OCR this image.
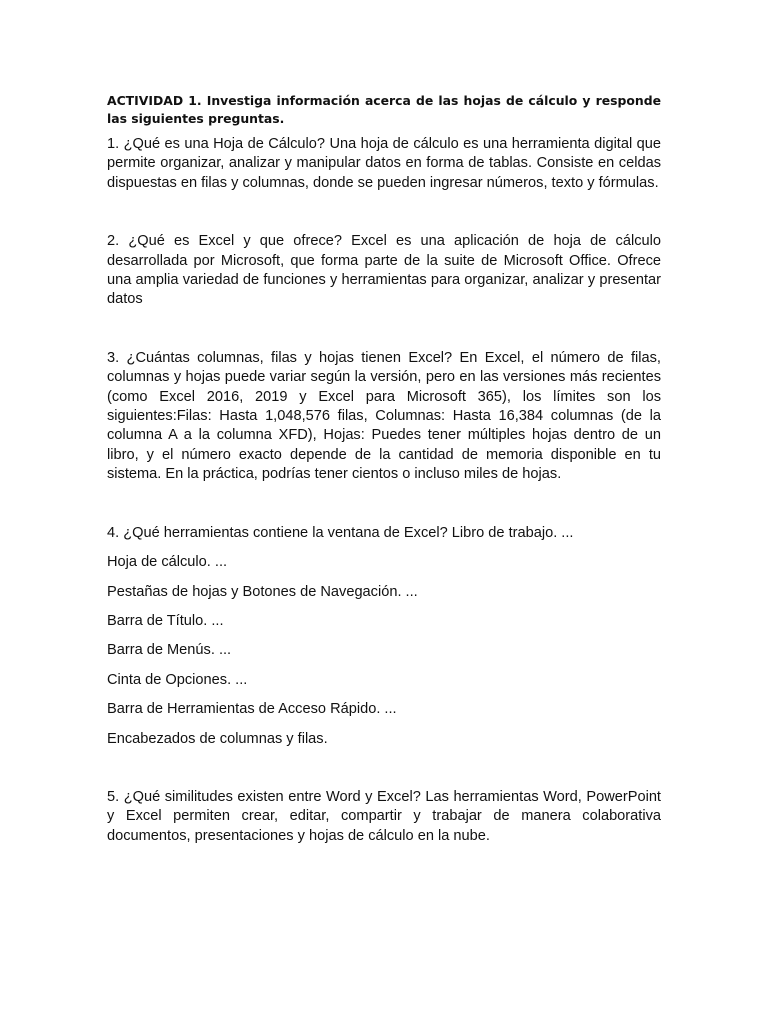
ACTIVIDAD 1. Investiga información acerca de las hojas de cálculo y responde las siguientes preguntas.

1. ¿Qué es una Hoja de Cálculo? Una hoja de cálculo es una herramienta digital que permite organizar, analizar y manipular datos en forma de tablas. Consiste en celdas dispuestas en filas y columnas, donde se pueden ingresar números, texto y fórmulas.

2. ¿Qué es Excel y que ofrece? Excel es una aplicación de hoja de cálculo desarrollada por Microsoft, que forma parte de la suite de Microsoft Office. Ofrece una amplia variedad de funciones y herramientas para organizar, analizar y presentar datos

3. ¿Cuántas columnas, filas y hojas tienen Excel? En Excel, el número de filas, columnas y hojas puede variar según la versión, pero en las versiones más recientes (como Excel 2016, 2019 y Excel para Microsoft 365), los límites son los siguientes:Filas: Hasta 1,048,576 filas, Columnas: Hasta 16,384 columnas (de la columna A a la columna XFD), Hojas: Puedes tener múltiples hojas dentro de un libro, y el número exacto depende de la cantidad de memoria disponible en tu sistema. En la práctica, podrías tener cientos o incluso miles de hojas.

4. ¿Qué herramientas contiene la ventana de Excel? Libro de trabajo. ...

Hoja de cálculo. ...

Pestañas de hojas y Botones de Navegación. ...

Barra de Título. ...

Barra de Menús. ...

Cinta de Opciones. ...

Barra de Herramientas de Acceso Rápido. ...

Encabezados de columnas y filas.

5. ¿Qué similitudes existen entre Word y Excel? Las herramientas Word, PowerPoint y Excel permiten crear, editar, compartir y trabajar de manera colaborativa documentos, presentaciones y hojas de cálculo en la nube.
